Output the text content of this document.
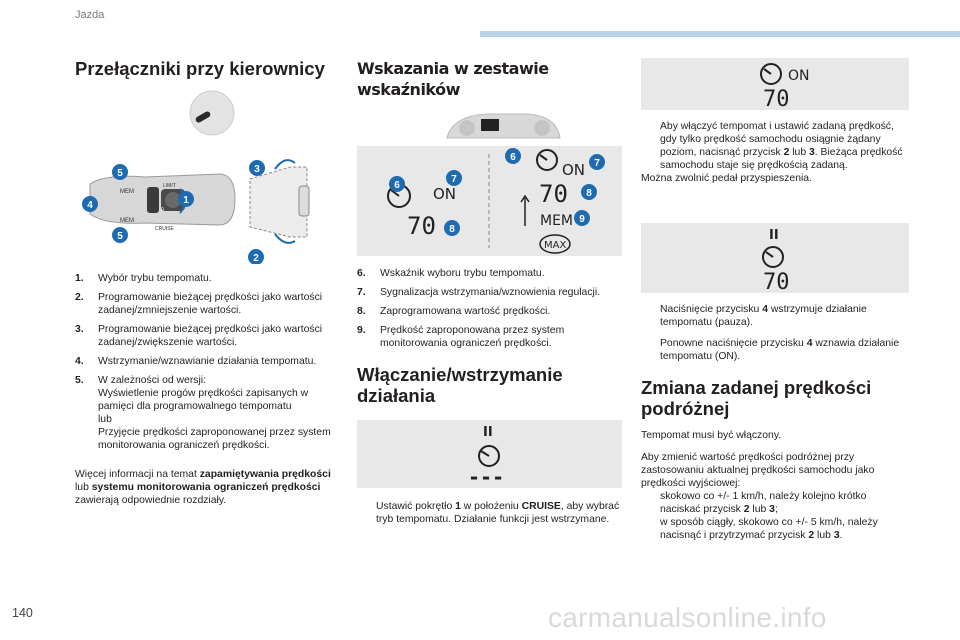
Jazda
Przełączniki przy kierownicy
MEM
MEM
LIMIT
CRUISE
0
1
2
3
4
5
5
1. Wybór trybu tempomatu.
2. Programowanie bieżącej prędkości jako wartości zadanej/zmniejszenie wartości.
3. Programowanie bieżącej prędkości jako wartości zadanej/zwiększenie wartości.
4. Wstrzymanie/wznawianie działania tempomatu.
5. W zależności od wersji:
Wyświetlenie progów prędkości zapisanych w pamięci dla programowalnego tempomatu
lub
Przyjęcie prędkości zaproponowanej przez system monitorowania ograniczeń prędkości.
Więcej informacji na temat zapamiętywania prędkości lub systemu monitorowania ograniczeń prędkości zawierają odpowiednie rozdziały.
Wskazania w zestawie wskaźników
ON
70
ON
70
MEM
MAX
6
7
8
6
7
8
9
6. Wskaźnik wyboru trybu tempomatu.
7. Sygnalizacja wstrzymania/wznowienia regulacji.
8. Zaprogramowana wartość prędkości.
9. Prędkość zaproponowana przez system monitorowania ograniczeń prędkości.
Włączanie/wstrzymanie działania
II
---
Ustawić pokrętło 1 w położeniu CRUISE, aby wybrać tryb tempomatu. Działanie funkcji jest wstrzymane.
ON
70
Aby włączyć tempomat i ustawić zadaną prędkość, gdy tylko prędkość samochodu osiągnie żądany poziom, nacisnąć przycisk 2 lub 3. Bieżąca prędkość samochodu staje się prędkością zadaną.
Można zwolnić pedał przyspieszenia.
II
70
Naciśnięcie przycisku 4 wstrzymuje działanie tempomatu (pauza).
Ponowne naciśnięcie przycisku 4 wznawia działanie tempomatu (ON).
Zmiana zadanej prędkości podróżnej
Tempomat musi być włączony.
Aby zmienić wartość prędkości podróżnej przy zastosowaniu aktualnej prędkości samochodu jako prędkości wyjściowej:
skokowo co +/- 1 km/h, należy kolejno krótko naciskać przycisk 2 lub 3;
w sposób ciągły, skokowo co +/- 5 km/h, należy nacisnąć i przytrzymać przycisk 2 lub 3.
140	carmanualsonline.info
